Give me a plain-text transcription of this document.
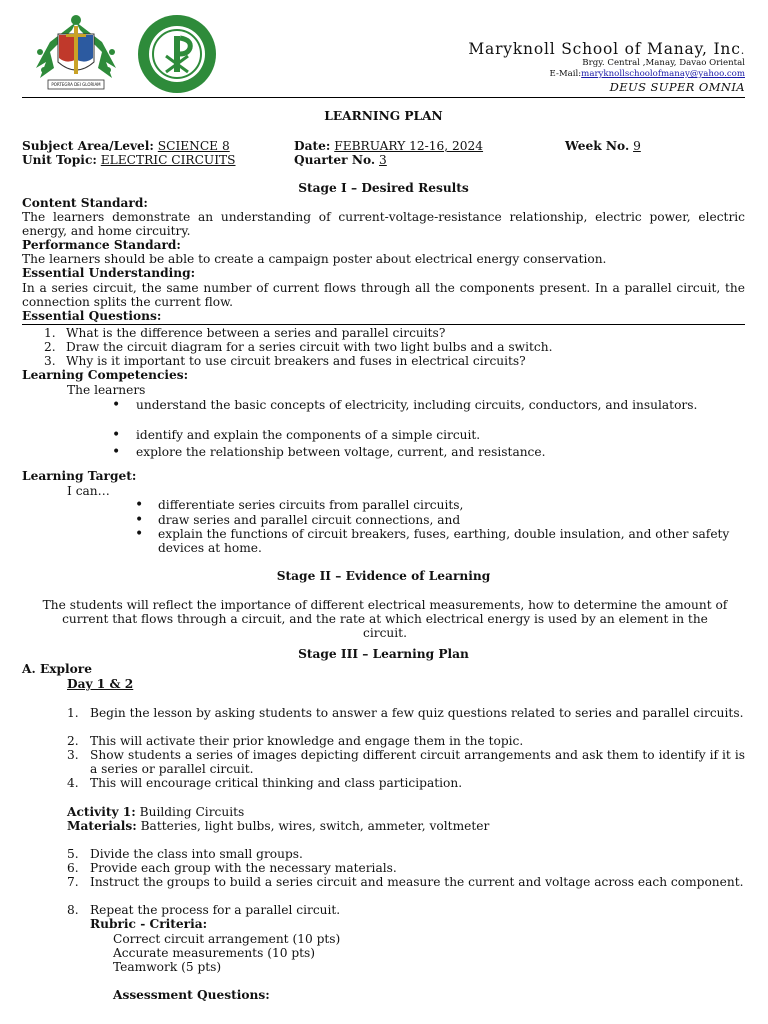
PORTEGRA DEI GLORIAM
Maryknoll School of Manay, Inc.
Brgy. Central ,Manay, Davao Oriental
E-Mail:maryknollschoolofmanay@yahoo.com
DEUS SUPER OMNIA
LEARNING PLAN
Subject Area/Level: SCIENCE 8	Date: FEBRUARY 12-16, 2024	Week No. 9
Unit Topic: ELECTRIC CIRCUITS	Quarter No. 3
Stage I – Desired Results
Content Standard:
The learners demonstrate an understanding of current-voltage-resistance relationship, electric power, electric energy, and home circuitry.
Performance Standard:
The learners should be able to create a campaign poster about electrical energy conservation.
Essential Understanding:
In a series circuit, the same number of current flows through all the components present. In a parallel circuit, the connection splits the current flow.
Essential Questions:
1. What is the difference between a series and parallel circuits?
2. Draw the circuit diagram for a series circuit with two light bulbs and a switch.
3. Why is it important to use circuit breakers and fuses in electrical circuits?
Learning Competencies:
The learners
•
understand the basic concepts of electricity, including circuits, conductors, and insulators.
•
identify and explain the components of a simple circuit.
•
explore the relationship between voltage, current, and resistance.
Learning Target:
I can…
•
differentiate series circuits from parallel circuits,
•
draw series and parallel circuit connections, and
•
explain the functions of circuit breakers, fuses, earthing, double insulation, and other safety devices at home.
Stage II – Evidence of Learning
The students will reflect the importance of different electrical measurements, how to determine the amount of current that flows through a circuit, and the rate at which electrical energy is used by an element in the circuit.
Stage III – Learning Plan
A. Explore
Day 1 & 2
1. Begin the lesson by asking students to answer a few quiz questions related to series and parallel circuits.
2. This will activate their prior knowledge and engage them in the topic.
3. Show students a series of images depicting different circuit arrangements and ask them to identify if it is a series or parallel circuit.
4. This will encourage critical thinking and class participation.
Activity 1: Building Circuits
Materials: Batteries, light bulbs, wires, switch, ammeter, voltmeter
5. Divide the class into small groups.
6. Provide each group with the necessary materials.
7. Instruct the groups to build a series circuit and measure the current and voltage across each component.
8. Repeat the process for a parallel circuit.
Rubric - Criteria:
Correct circuit arrangement (10 pts)
Accurate measurements (10 pts)
Teamwork (5 pts)
Assessment Questions:
